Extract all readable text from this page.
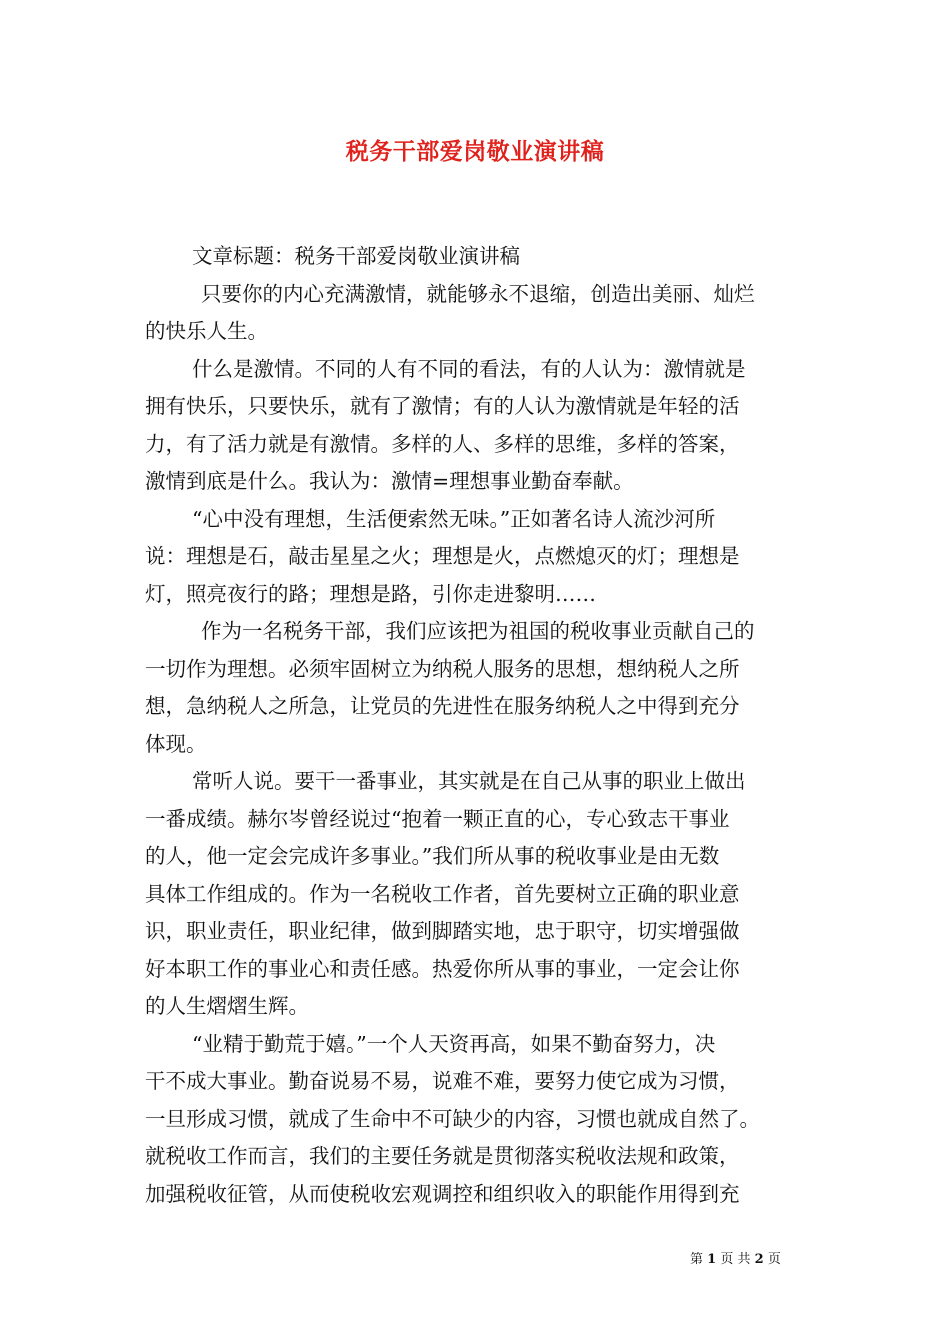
税务干部爱岗敬业演讲稿
文章标题：税务干部爱岗敬业演讲稿
只要你的内心充满激情，就能够永不退缩，创造出美丽、灿烂
的快乐人生。
什么是激情。不同的人有不同的看法，有的人认为：激情就是
拥有快乐，只要快乐，就有了激情；有的人认为激情就是年轻的活
力，有了活力就是有激情。多样的人、多样的思维，多样的答案，
激情到底是什么。我认为：激情=理想事业勤奋奉献。
“心中没有理想，生活便索然无味。”正如著名诗人流沙河所
说：理想是石，敲击星星之火；理想是火，点燃熄灭的灯；理想是
灯，照亮夜行的路；理想是路，引你走进黎明……
作为一名税务干部，我们应该把为祖国的税收事业贡献自己的
一切作为理想。必须牢固树立为纳税人服务的思想，想纳税人之所
想，急纳税人之所急，让党员的先进性在服务纳税人之中得到充分
体现。
常听人说。要干一番事业，其实就是在自己从事的职业上做出
一番成绩。赫尔岑曾经说过“抱着一颗正直的心，专心致志干事业
的人，他一定会完成许多事业。”我们所从事的税收事业是由无数
具体工作组成的。作为一名税收工作者，首先要树立正确的职业意
识，职业责任，职业纪律，做到脚踏实地，忠于职守，切实增强做
好本职工作的事业心和责任感。热爱你所从事的事业，一定会让你
的人生熠熠生辉。
“业精于勤荒于嬉。”一个人天资再高，如果不勤奋努力，决
干不成大事业。勤奋说易不易，说难不难，要努力使它成为习惯，
一旦形成习惯，就成了生命中不可缺少的内容，习惯也就成自然了。
就税收工作而言，我们的主要任务就是贯彻落实税收法规和政策，
加强税收征管，从而使税收宏观调控和组织收入的职能作用得到充
第 1 页 共 2 页
